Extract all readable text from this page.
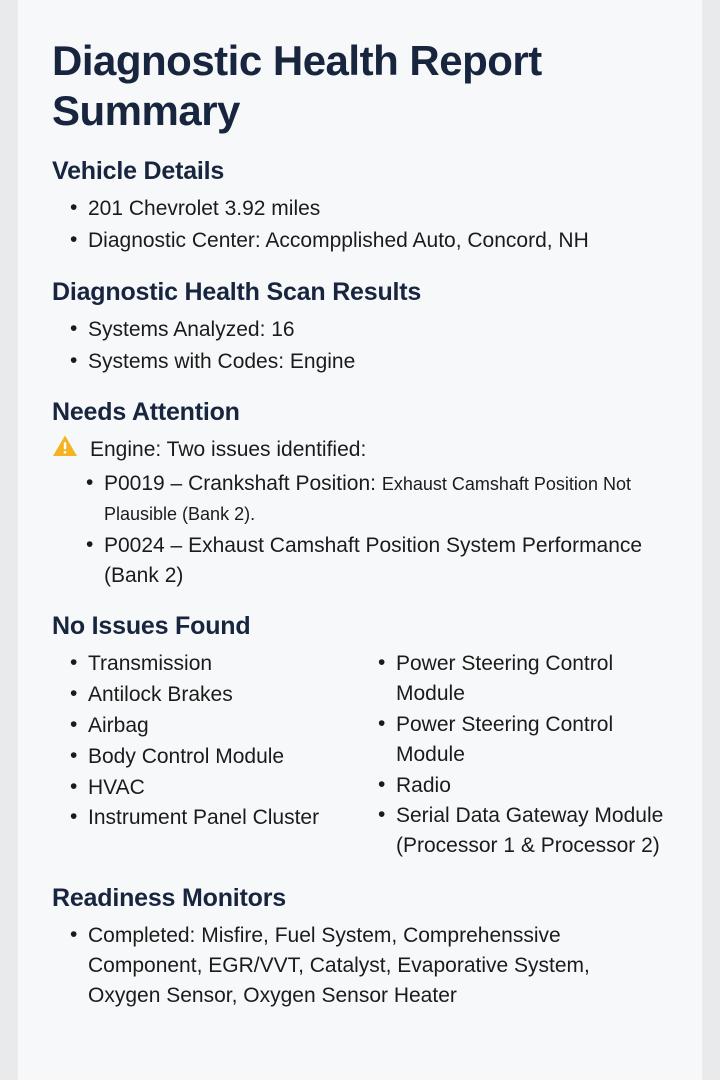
Diagnostic Health Report Summary
Vehicle Details
• 201 Chevrolet 3.92 miles
• Diagnostic Center: Accompplished Auto, Concord, NH
Diagnostic Health Scan Results
• Systems Analyzed: 16
• Systems with Codes: Engine
Needs Attention
Engine: Two issues identified:
• P0019 – Crankshaft Position: Exhaust Camshaft Position Not Plausible (Bank 2).
• P0024 – Exhaust Camshaft Position System Performance (Bank 2)
No Issues Found
• Transmission
• Antilock Brakes
• Airbag
• Body Control Module
• HVAC
• Instrument Panel Cluster
• Power Steering Control Module
• Power Steering Control Module
• Radio
• Serial Data Gateway Module (Processor 1 & Processor 2)
Readiness Monitors
• Completed: Misfire, Fuel System, Comprehenssive Component, EGR/VVT, Catalyst, Evaporative System, Oxygen Sensor, Oxygen Sensor Heater
